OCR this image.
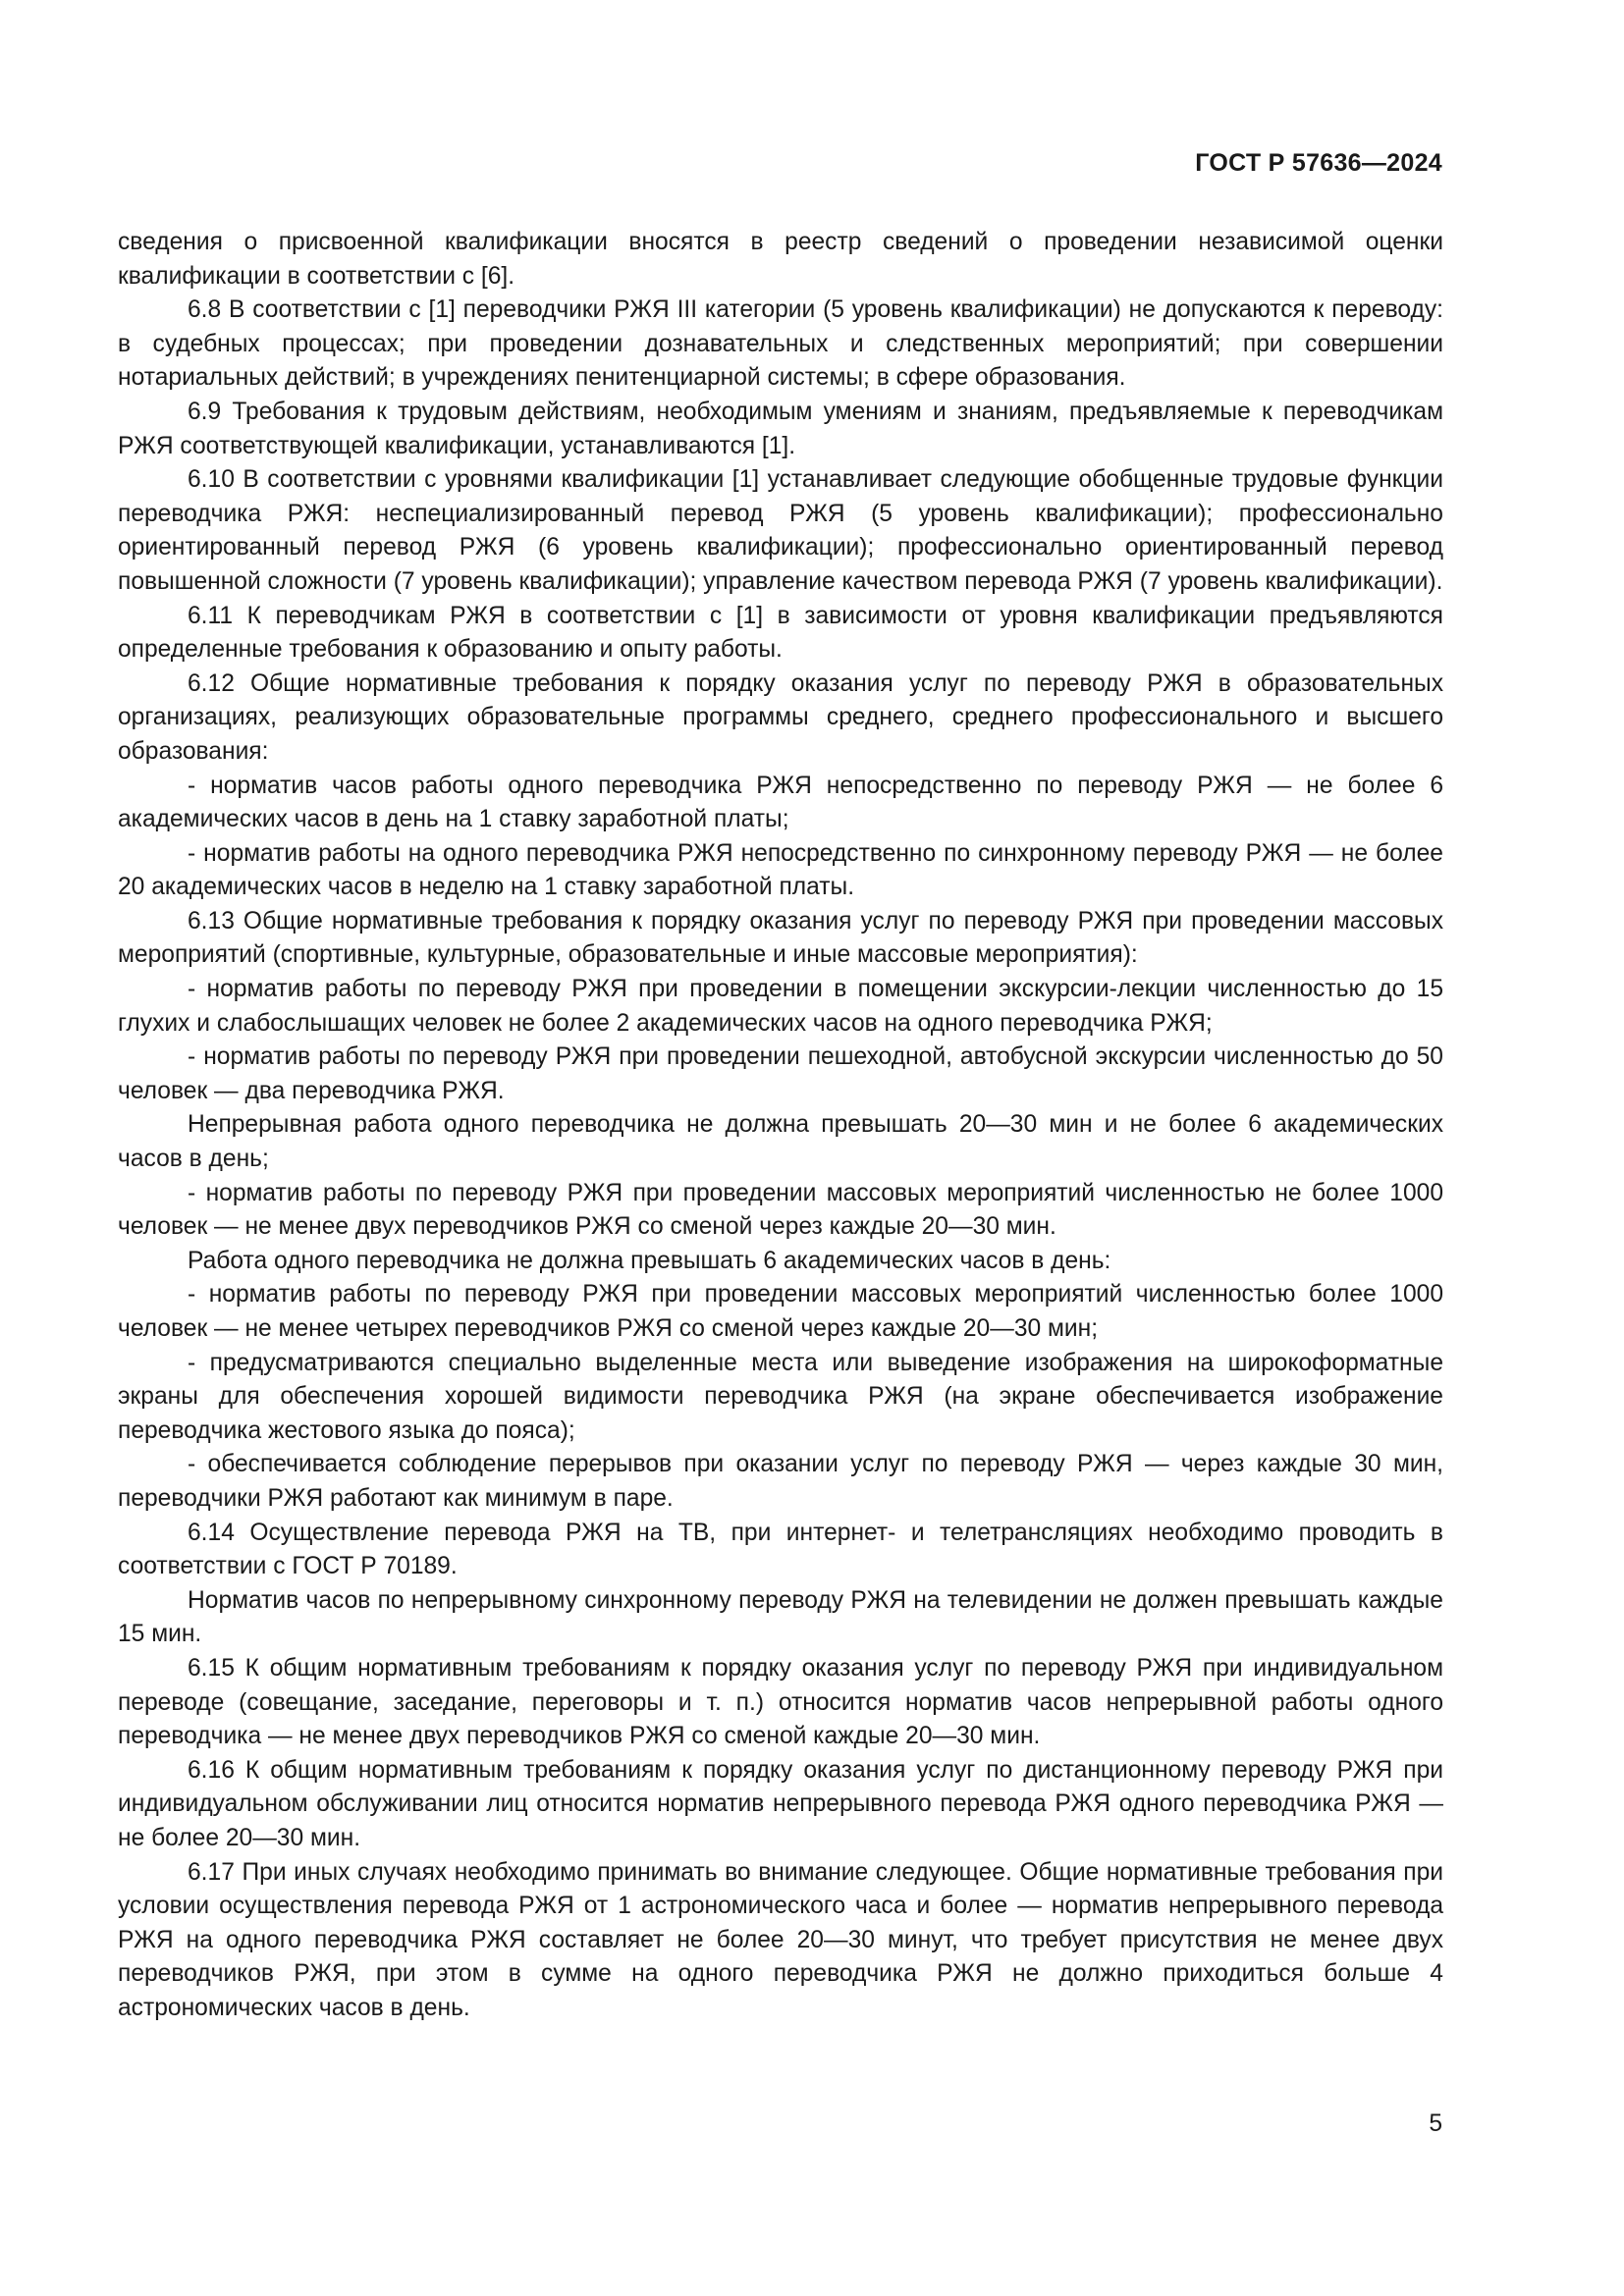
ГОСТ Р 57636—2024

сведения о присвоенной квалификации вносятся в реестр сведений о проведении независимой оценки квалификации в соответствии с [6].

6.8 В соответствии с [1] переводчики РЖЯ III категории (5 уровень квалификации) не допускаются к переводу: в судебных процессах; при проведении дознавательных и следственных мероприятий; при совершении нотариальных действий; в учреждениях пенитенциарной системы; в сфере образования.

6.9 Требования к трудовым действиям, необходимым умениям и знаниям, предъявляемые к переводчикам РЖЯ соответствующей квалификации, устанавливаются [1].

6.10 В соответствии с уровнями квалификации [1] устанавливает следующие обобщенные трудовые функции переводчика РЖЯ: неспециализированный перевод РЖЯ (5 уровень квалификации); профессионально ориентированный перевод РЖЯ (6 уровень квалификации); профессионально ориентированный перевод повышенной сложности (7 уровень квалификации); управление качеством перевода РЖЯ (7 уровень квалификации).

6.11 К переводчикам РЖЯ в соответствии с [1] в зависимости от уровня квалификации предъявляются определенные требования к образованию и опыту работы.

6.12 Общие нормативные требования к порядку оказания услуг по переводу РЖЯ в образовательных организациях, реализующих образовательные программы среднего, среднего профессионального и высшего образования:

- норматив часов работы одного переводчика РЖЯ непосредственно по переводу РЖЯ — не более 6 академических часов в день на 1 ставку заработной платы;

- норматив работы на одного переводчика РЖЯ непосредственно по синхронному переводу РЖЯ — не более 20 академических часов в неделю на 1 ставку заработной платы.

6.13 Общие нормативные требования к порядку оказания услуг по переводу РЖЯ при проведении массовых мероприятий (спортивные, культурные, образовательные и иные массовые мероприятия):

- норматив работы по переводу РЖЯ при проведении в помещении экскурсии-лекции численностью до 15 глухих и слабослышащих человек не более 2 академических часов на одного переводчика РЖЯ;

- норматив работы по переводу РЖЯ при проведении пешеходной, автобусной экскурсии численностью до 50 человек — два переводчика РЖЯ.

Непрерывная работа одного переводчика не должна превышать 20—30 мин и не более 6 академических часов в день;

- норматив работы по переводу РЖЯ при проведении массовых мероприятий численностью не более 1000 человек — не менее двух переводчиков РЖЯ со сменой через каждые 20—30 мин.

Работа одного переводчика не должна превышать 6 академических часов в день:

- норматив работы по переводу РЖЯ при проведении массовых мероприятий численностью более 1000 человек — не менее четырех переводчиков РЖЯ со сменой через каждые 20—30 мин;

- предусматриваются специально выделенные места или выведение изображения на широкоформатные экраны для обеспечения хорошей видимости переводчика РЖЯ (на экране обеспечивается изображение переводчика жестового языка до пояса);

- обеспечивается соблюдение перерывов при оказании услуг по переводу РЖЯ — через каждые 30 мин, переводчики РЖЯ работают как минимум в паре.

6.14 Осуществление перевода РЖЯ на ТВ, при интернет- и телетрансляциях необходимо проводить в соответствии с ГОСТ Р 70189.

Норматив часов по непрерывному синхронному переводу РЖЯ на телевидении не должен превышать каждые 15 мин.

6.15 К общим нормативным требованиям к порядку оказания услуг по переводу РЖЯ при индивидуальном переводе (совещание, заседание, переговоры и т. п.) относится норматив часов непрерывной работы одного переводчика — не менее двух переводчиков РЖЯ со сменой каждые 20—30 мин.

6.16 К общим нормативным требованиям к порядку оказания услуг по дистанционному переводу РЖЯ при индивидуальном обслуживании лиц относится норматив непрерывного перевода РЖЯ одного переводчика РЖЯ — не более 20—30 мин.

6.17 При иных случаях необходимо принимать во внимание следующее. Общие нормативные требования при условии осуществления перевода РЖЯ от 1 астрономического часа и более — норматив непрерывного перевода РЖЯ на одного переводчика РЖЯ составляет не более 20—30 минут, что требует присутствия не менее двух переводчиков РЖЯ, при этом в сумме на одного переводчика РЖЯ не должно приходиться больше 4 астрономических часов в день.

5
